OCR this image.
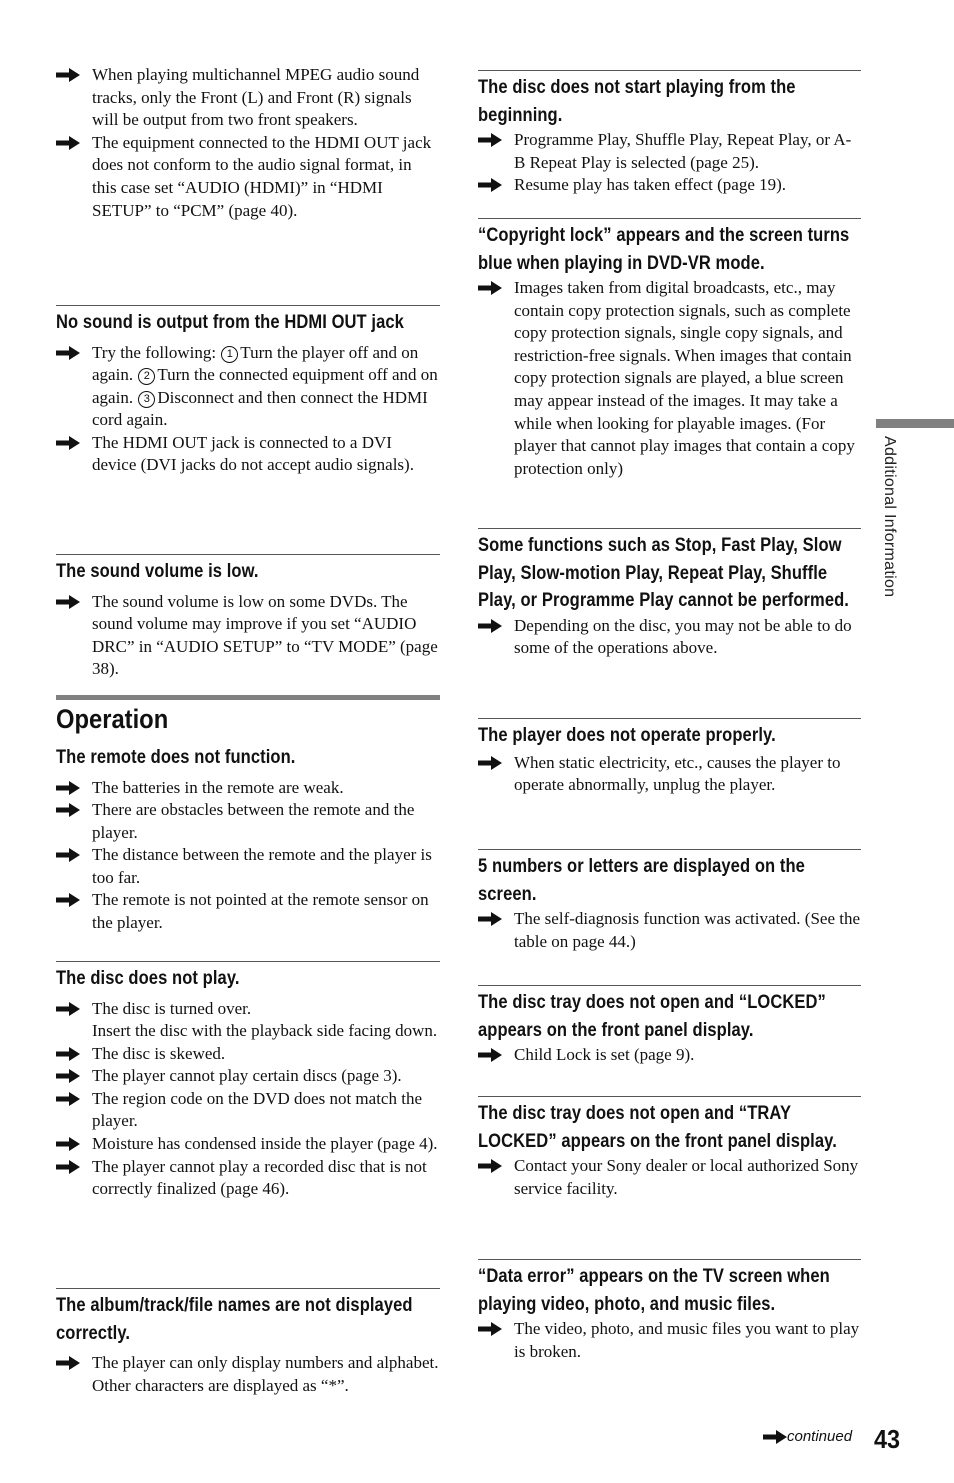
When playing multichannel MPEG audio sound tracks, only the Front (L) and Front (R) signals will be output from two front speakers.
The equipment connected to the HDMI OUT jack does not conform to the audio signal format, in this case set “AUDIO (HDMI)” in “HDMI SETUP” to “PCM” (page 40).
No sound is output from the HDMI OUT jack
Try the following: 1 Turn the player off and on again. 2 Turn the connected equipment off and on again. 3 Disconnect and then connect the HDMI cord again.
The HDMI OUT jack is connected to a DVI device (DVI jacks do not accept audio signals).
The sound volume is low.
The sound volume is low on some DVDs. The sound volume may improve if you set “AUDIO DRC” in “AUDIO SETUP” to “TV MODE” (page 38).
Operation
The remote does not function.
The batteries in the remote are weak.
There are obstacles between the remote and the player.
The distance between the remote and the player is too far.
The remote is not pointed at the remote sensor on the player.
The disc does not play.
The disc is turned over.
Insert the disc with the playback side facing down.
The disc is skewed.
The player cannot play certain discs (page 3).
The region code on the DVD does not match the player.
Moisture has condensed inside the player (page 4).
The player cannot play a recorded disc that is not correctly finalized (page 46).
The album/track/file names are not displayed correctly.
The player can only display numbers and alphabet. Other characters are displayed as “*”.
The disc does not start playing from the beginning.
Programme Play, Shuffle Play, Repeat Play, or A-B Repeat Play is selected (page 25).
Resume play has taken effect (page 19).
“Copyright lock” appears and the screen turns blue when playing in DVD-VR mode.
Images taken from digital broadcasts, etc., may contain copy protection signals, such as complete copy protection signals, single copy signals, and restriction-free signals. When images that contain copy protection signals are played, a blue screen may appear instead of the images. It may take a while when looking for playable images. (For player that cannot play images that contain a copy protection only)
Some functions such as Stop, Fast Play, Slow Play, Slow-motion Play, Repeat Play, Shuffle Play, or Programme Play cannot be performed.
Depending on the disc, you may not be able to do some of the operations above.
The player does not operate properly.
When static electricity, etc., causes the player to operate abnormally, unplug the player.
5 numbers or letters are displayed on the screen.
The self-diagnosis function was activated. (See the table on page 44.)
The disc tray does not open and “LOCKED” appears on the front panel display.
Child Lock is set (page 9).
The disc tray does not open and “TRAY LOCKED” appears on the front panel display.
Contact your Sony dealer or local authorized Sony service facility.
“Data error” appears on the TV screen when playing video, photo, and music files.
The video, photo, and music files you want to play is broken.
Additional Information
continued 43
